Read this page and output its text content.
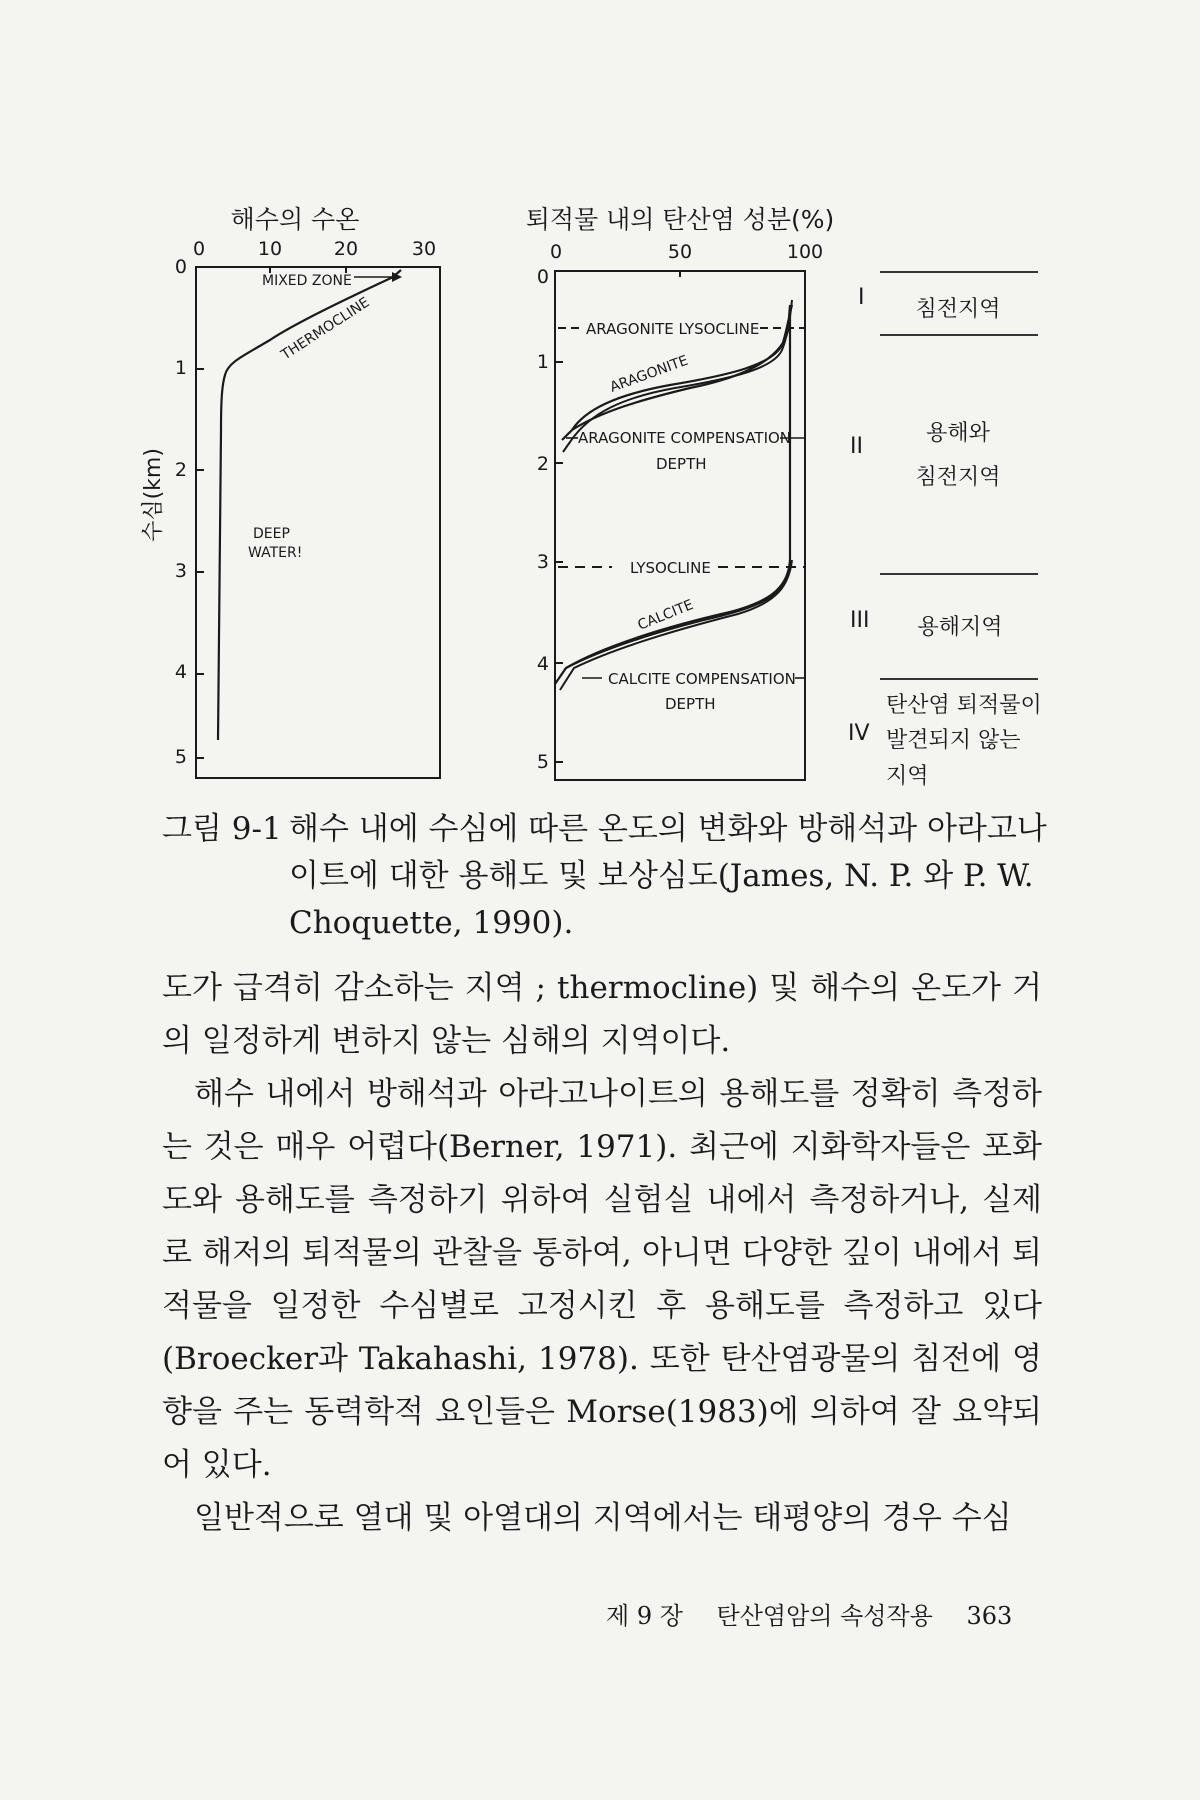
해수의 수온
0	10	20	30
0
1
2
3
4
5
MIXED ZONE
THERMOCLINE
DEEP
WATER!
수심(km)
퇴적물 내의 탄산염 성분(%)
0	50	100
0
1
2
3
4
5
ARAGONITE LYSOCLINE
ARAGONITE
ARAGONITE COMPENSATION
DEPTH
LYSOCLINE
CALCITE
CALCITE COMPENSATION
DEPTH
I 침전지역
II
용해와
침전지역
III 용해지역
IV
탄산염 퇴적물이
발견되지 않는
지역
그림 9-1 해수 내에 수심에 따른 온도의 변화와 방해석과 아라고나이트에 대한 용해도 및 보상심도(James, N. P. 와 P. W. Choquette, 1990).

도가 급격히 감소하는 지역 ; thermocline) 및 해수의 온도가 거의 일정하게 변하지 않는 심해의 지역이다.

해수 내에서 방해석과 아라고나이트의 용해도를 정확히 측정하는 것은 매우 어렵다(Berner, 1971). 최근에 지화학자들은 포화도와 용해도를 측정하기 위하여 실험실 내에서 측정하거나, 실제로 해저의 퇴적물의 관찰을 통하여, 아니면 다양한 깊이 내에서 퇴적물을 일정한 수심별로 고정시킨 후 용해도를 측정하고 있다(Broecker과 Takahashi, 1978). 또한 탄산염광물의 침전에 영향을 주는 동력학적 요인들은 Morse(1983)에 의하여 잘 요약되어 있다.

일반적으로 열대 및 아열대의 지역에서는 태평양의 경우 수심

제 9 장 탄산염암의 속성작용 363
